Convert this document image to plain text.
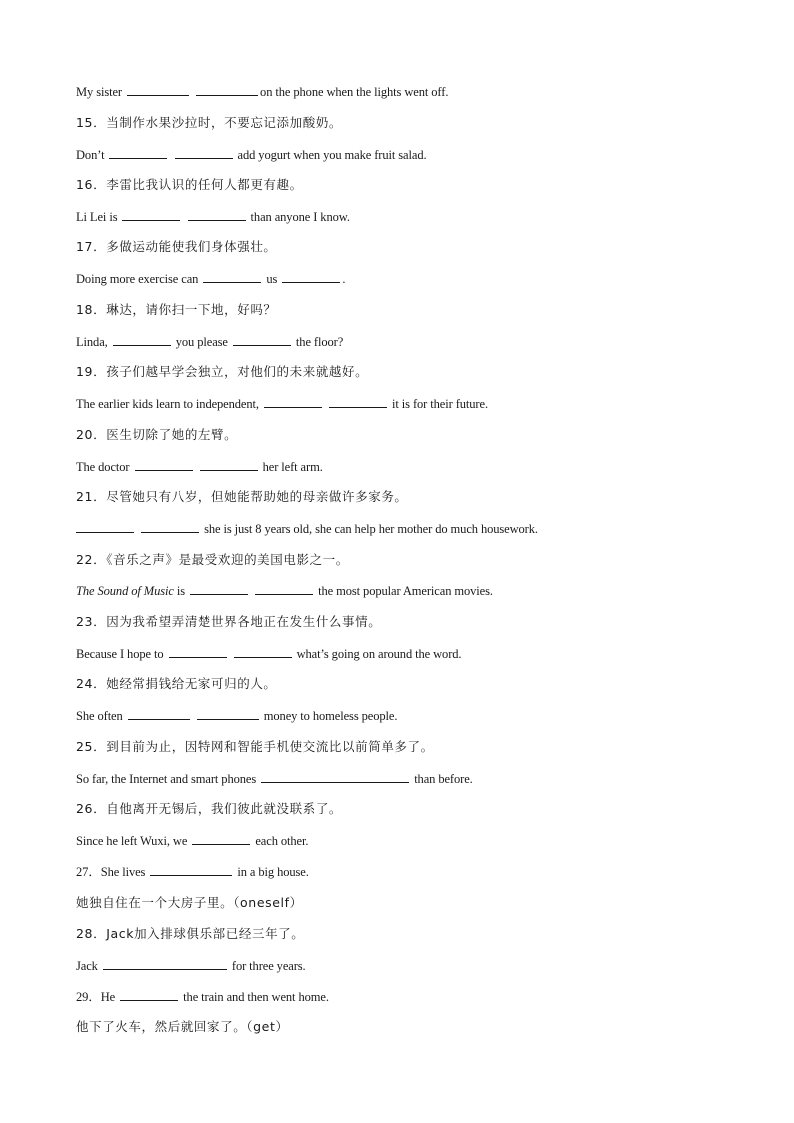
My sister	on the phone when the lights went off.
15．当制作水果沙拉时，不要忘记添加酸奶。
Don’t	add yogurt when you make fruit salad.
16．李雷比我认识的任何人都更有趣。
Li Lei is	than anyone I know.
17．多做运动能使我们身体强壮。
Doing more exercise can	us	.
18．琳达，请你扫一下地，好吗？
Linda,	you please	the floor?
19．孩子们越早学会独立，对他们的未来就越好。
The earlier kids learn to independent,	it is for their future.
20．医生切除了她的左臂。
The doctor	her left arm.
21．尽管她只有八岁，但她能帮助她的母亲做许多家务。
she is just 8 years old, she can help her mother do much housework.
22．《音乐之声》是最受欢迎的美国电影之一。
The Sound of Music is	the most popular American movies.
23．因为我希望弄清楚世界各地正在发生什么事情。
Because I hope to	what’s going on around the word.
24．她经常捐钱给无家可归的人。
She often	money to homeless people.
25．到目前为止，因特网和智能手机使交流比以前简单多了。
So far, the Internet and smart phones	than before.
26．自他离开无锡后，我们彼此就没联系了。
Since he left Wuxi, we	each other.
27．She lives	in a big house.
她独自住在一个大房子里。（oneself）
28．Jack加入排球俱乐部已经三年了。
Jack	for three years.
29．He	the train and then went home.
他下了火车，然后就回家了。（get）
